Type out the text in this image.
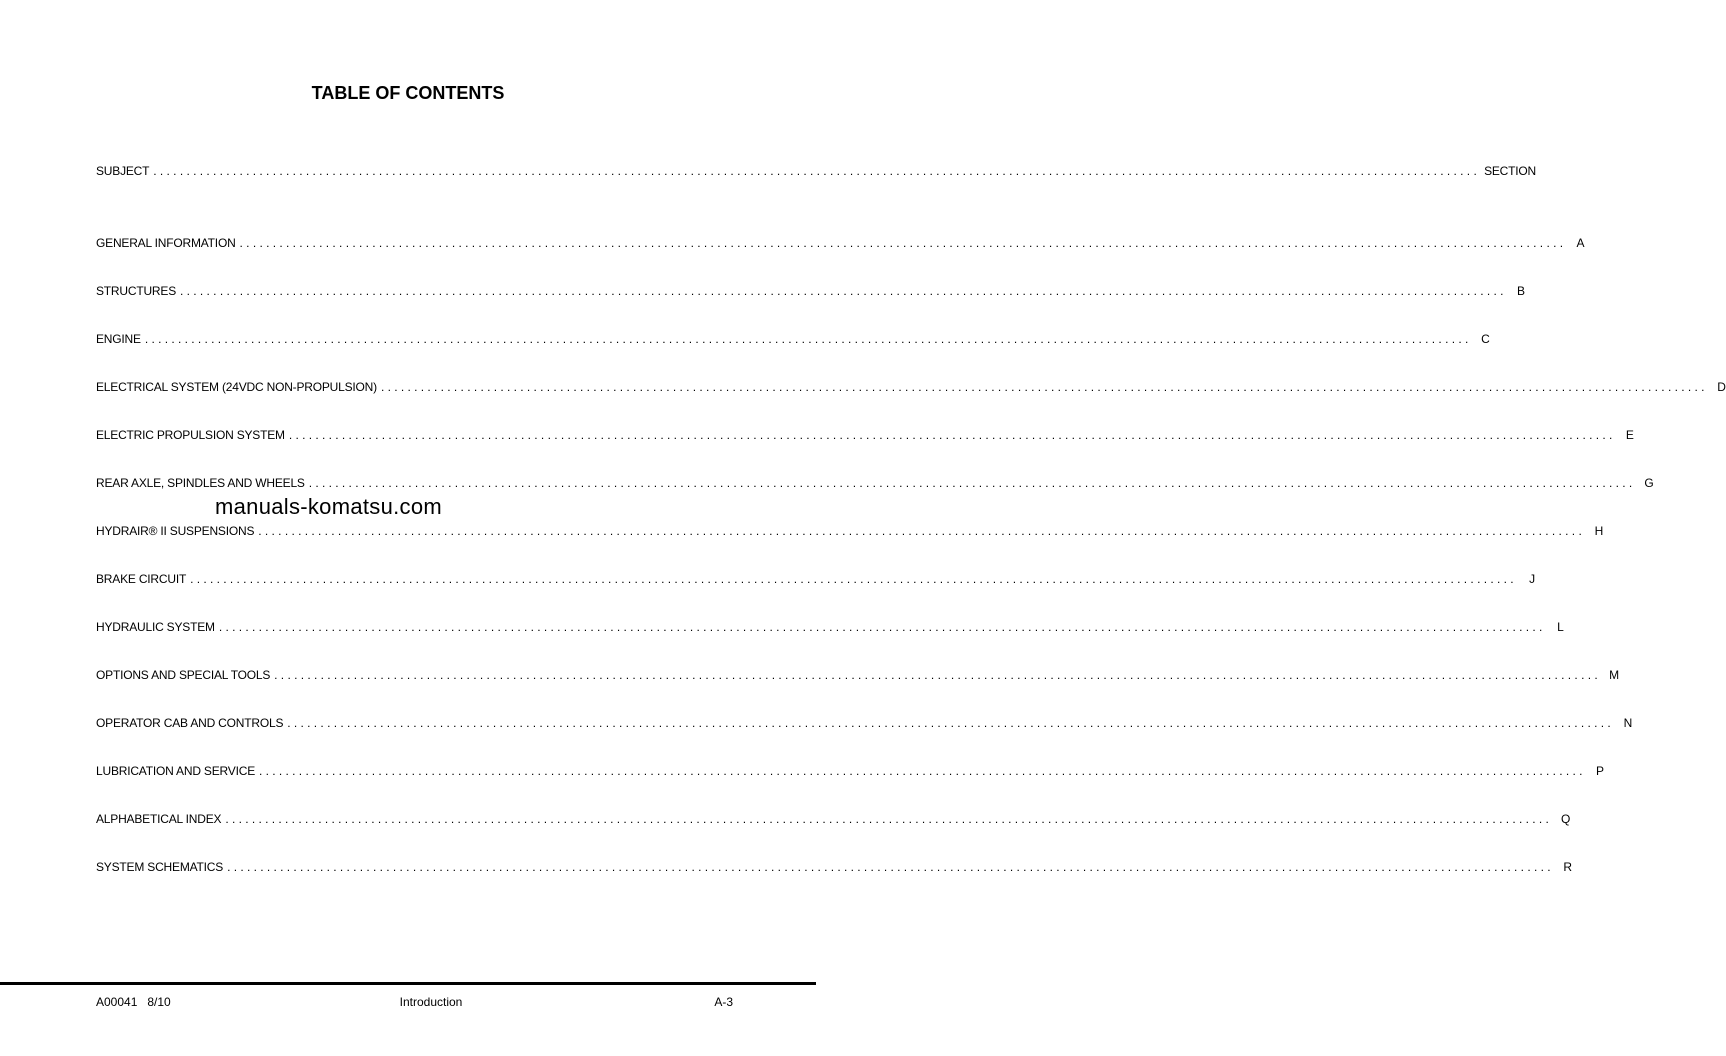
TABLE OF CONTENTS
SUBJECT ........................................................................................................................................................................................................ SECTION
GENERAL INFORMATION ........................................................................................................................................................................................................ A
STRUCTURES ........................................................................................................................................................................................................ B
ENGINE ........................................................................................................................................................................................................ C
ELECTRICAL SYSTEM (24VDC NON-PROPULSION) ........................................................................................................................................................................................................ D
ELECTRIC PROPULSION SYSTEM ........................................................................................................................................................................................................ E
REAR AXLE, SPINDLES AND WHEELS ........................................................................................................................................................................................................ G
HYDRAIR® II SUSPENSIONS ........................................................................................................................................................................................................ H
BRAKE CIRCUIT ........................................................................................................................................................................................................	J
HYDRAULIC SYSTEM ........................................................................................................................................................................................................ L
OPTIONS AND SPECIAL TOOLS ........................................................................................................................................................................................................ M
OPERATOR CAB AND CONTROLS ........................................................................................................................................................................................................ N
LUBRICATION AND SERVICE ........................................................................................................................................................................................................ P
ALPHABETICAL INDEX ........................................................................................................................................................................................................ Q
SYSTEM SCHEMATICS ........................................................................................................................................................................................................ R
manuals-komatsu.com
A00041   8/10	Introduction	A-3
